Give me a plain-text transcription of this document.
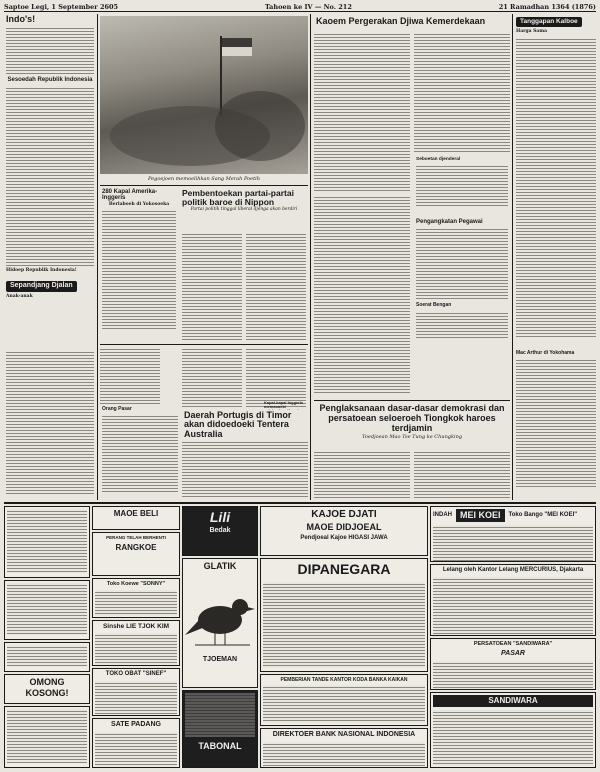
Saptoe Legi, 1 September 2605	Tahoen ke IV — No. 212	21 Ramadhan 1364 (1876)
Indo's!
Sesoedah Republik Indonesia
Hidoep Republik Indonesia!
Sepandjang Djalan
Anak-anak
Pegoejoen memoelihkan Sang Merah Poetih
280 Kapal Amerika-Inggeris
Berlaboeh di Yokosoeka
Pembentoekan partai-partai politik baroe di Nippon
Partai politik tinggal liberal djenga akan berdiri
Orang Pasar
Daerah Portugis di Timor akan didoedoeki Tentera Australia
Kapal-kapal Inggeris memasoeki
Kaoem Pergerakan Djiwa Kemerdekaan
Seboetan djenderal
Pengangkatan Pegawai
Soerat Bengan
Penglaksanaan dasar-dasar demokrasi dan persatoean seloeroeh Tiongkok haroes terdjamin
Toedjoean Mao Tse Tung ke Chungking
Tanggapan Kalboe
Harga Sama
Mac Arthur di Yokohama
OMONG KOSONG!
MAOE BELI
PERANG TELAH BERHENTI
RANGKOE
Toko Koewe "SONNY"
Sinshe LIE TJOK KIM
TOKO OBAT "SINEF"
SATE PADANG
Lili
Bedak
GLATIK
TJOEMAN
TABONAL
KAJOE DJATI
MAOE DIDJOEAL
Pendjoeal Kajoe HIGASI JAWA
DIPANEGARA
PEMBERIAN TANDE KANTOR KODA BANKA KAIKAN
DIREKTOER BANK NASIONAL INDONESIA
INDAH MEI KOEI	Toko Bango "MEI KOEI"
Lelang oleh Kantor Lelang MERCURIUS, Djakarta
PERSATOEAN "SANDIWARA"
PASAR
SANDIWARA
